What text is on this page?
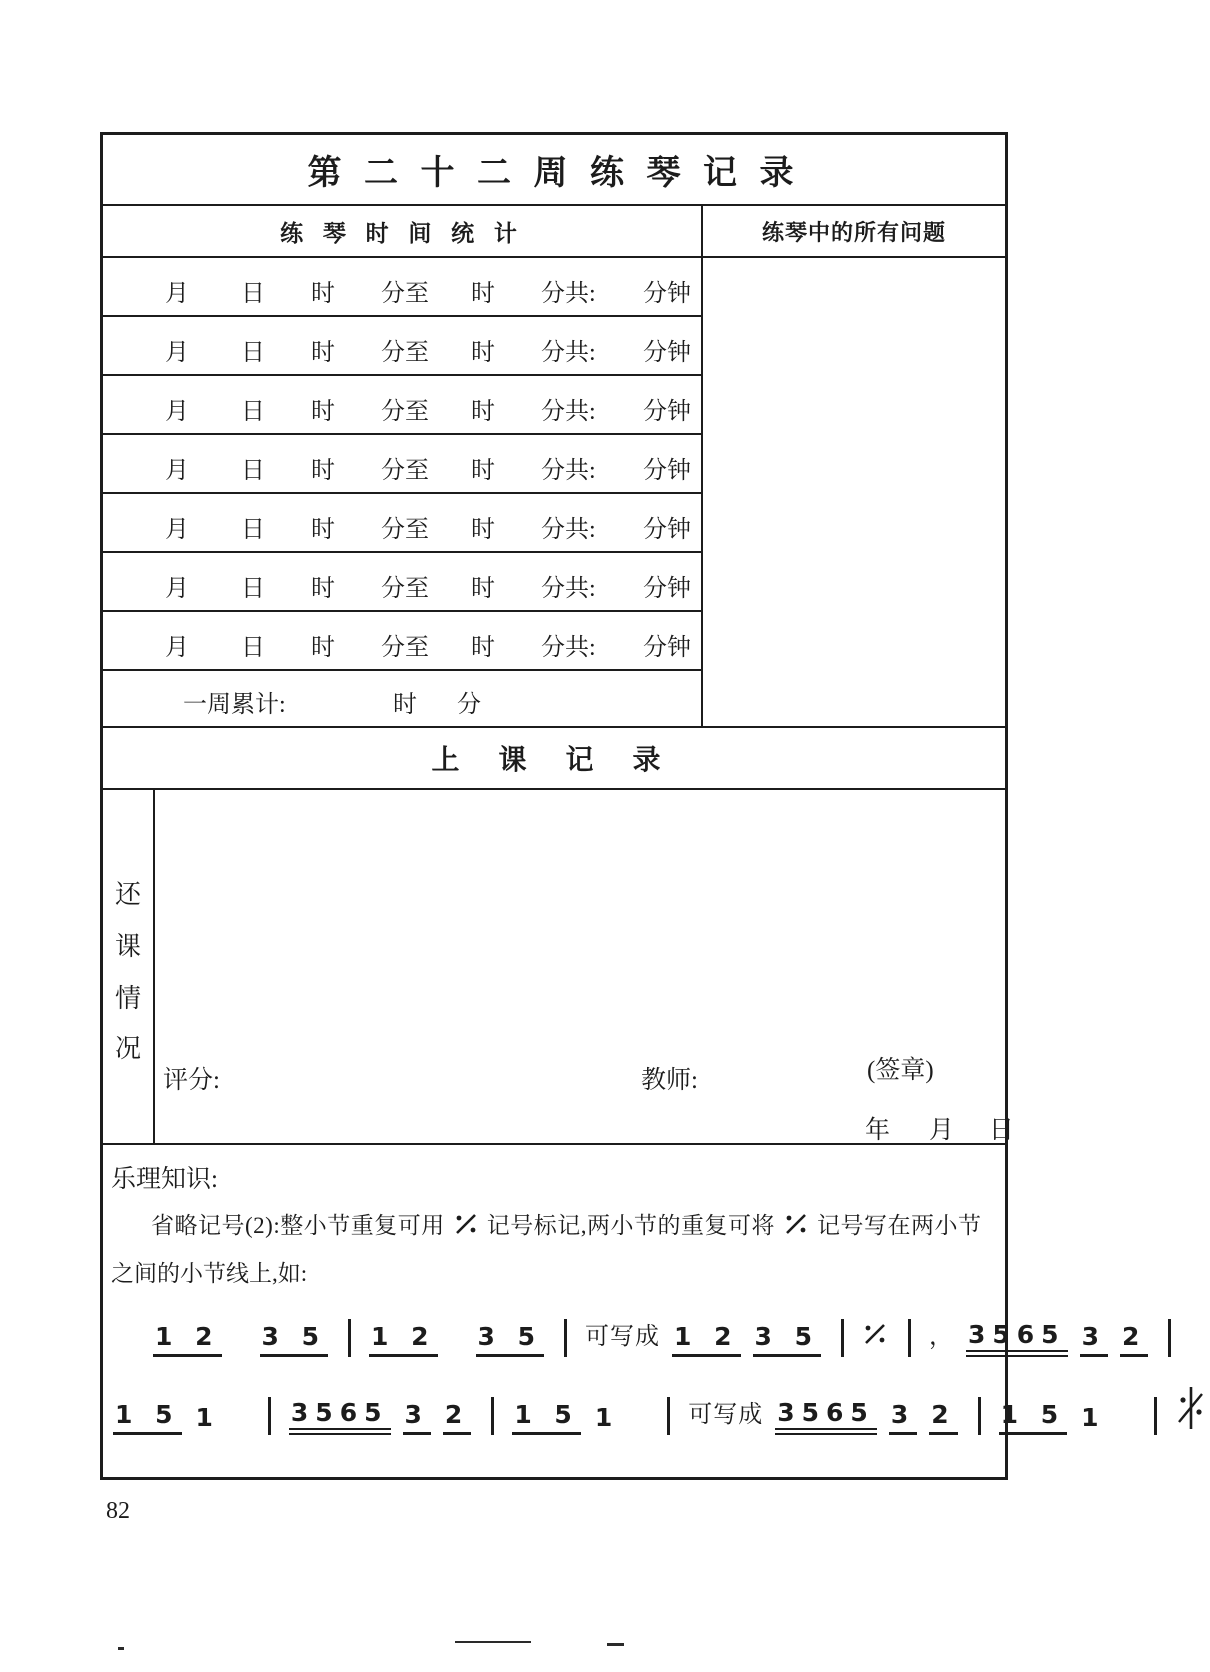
第 二 十 二 周 练 琴 记 录
练 琴 时 间 统 计	练琴中的所有问题
月 日 时 分至 时 分共: 分钟
月 日 时 分至 时 分共: 分钟
月 日 时 分至 时 分共: 分钟
月 日 时 分至 时 分共: 分钟
月 日 时 分至 时 分共: 分钟
月 日 时 分至 时 分共: 分钟
月 日 时 分至 时 分共: 分钟
一周累计:	时 分
上 课 记 录
还
课
情
况
评分:	教师:	(签章)
年 月 日
乐理知识:
省略记号(2):整小节重复可用 记号标记,两小节的重复可将 记号写在两小节
之间的小节线上,如:
1 2 3 5 1 2 3 5 可写成 1 2 3 5	， 3565 3 2
1 5 1	3565 3 2 1 5 1	可写成 3565 3 2 1 5 1
82
